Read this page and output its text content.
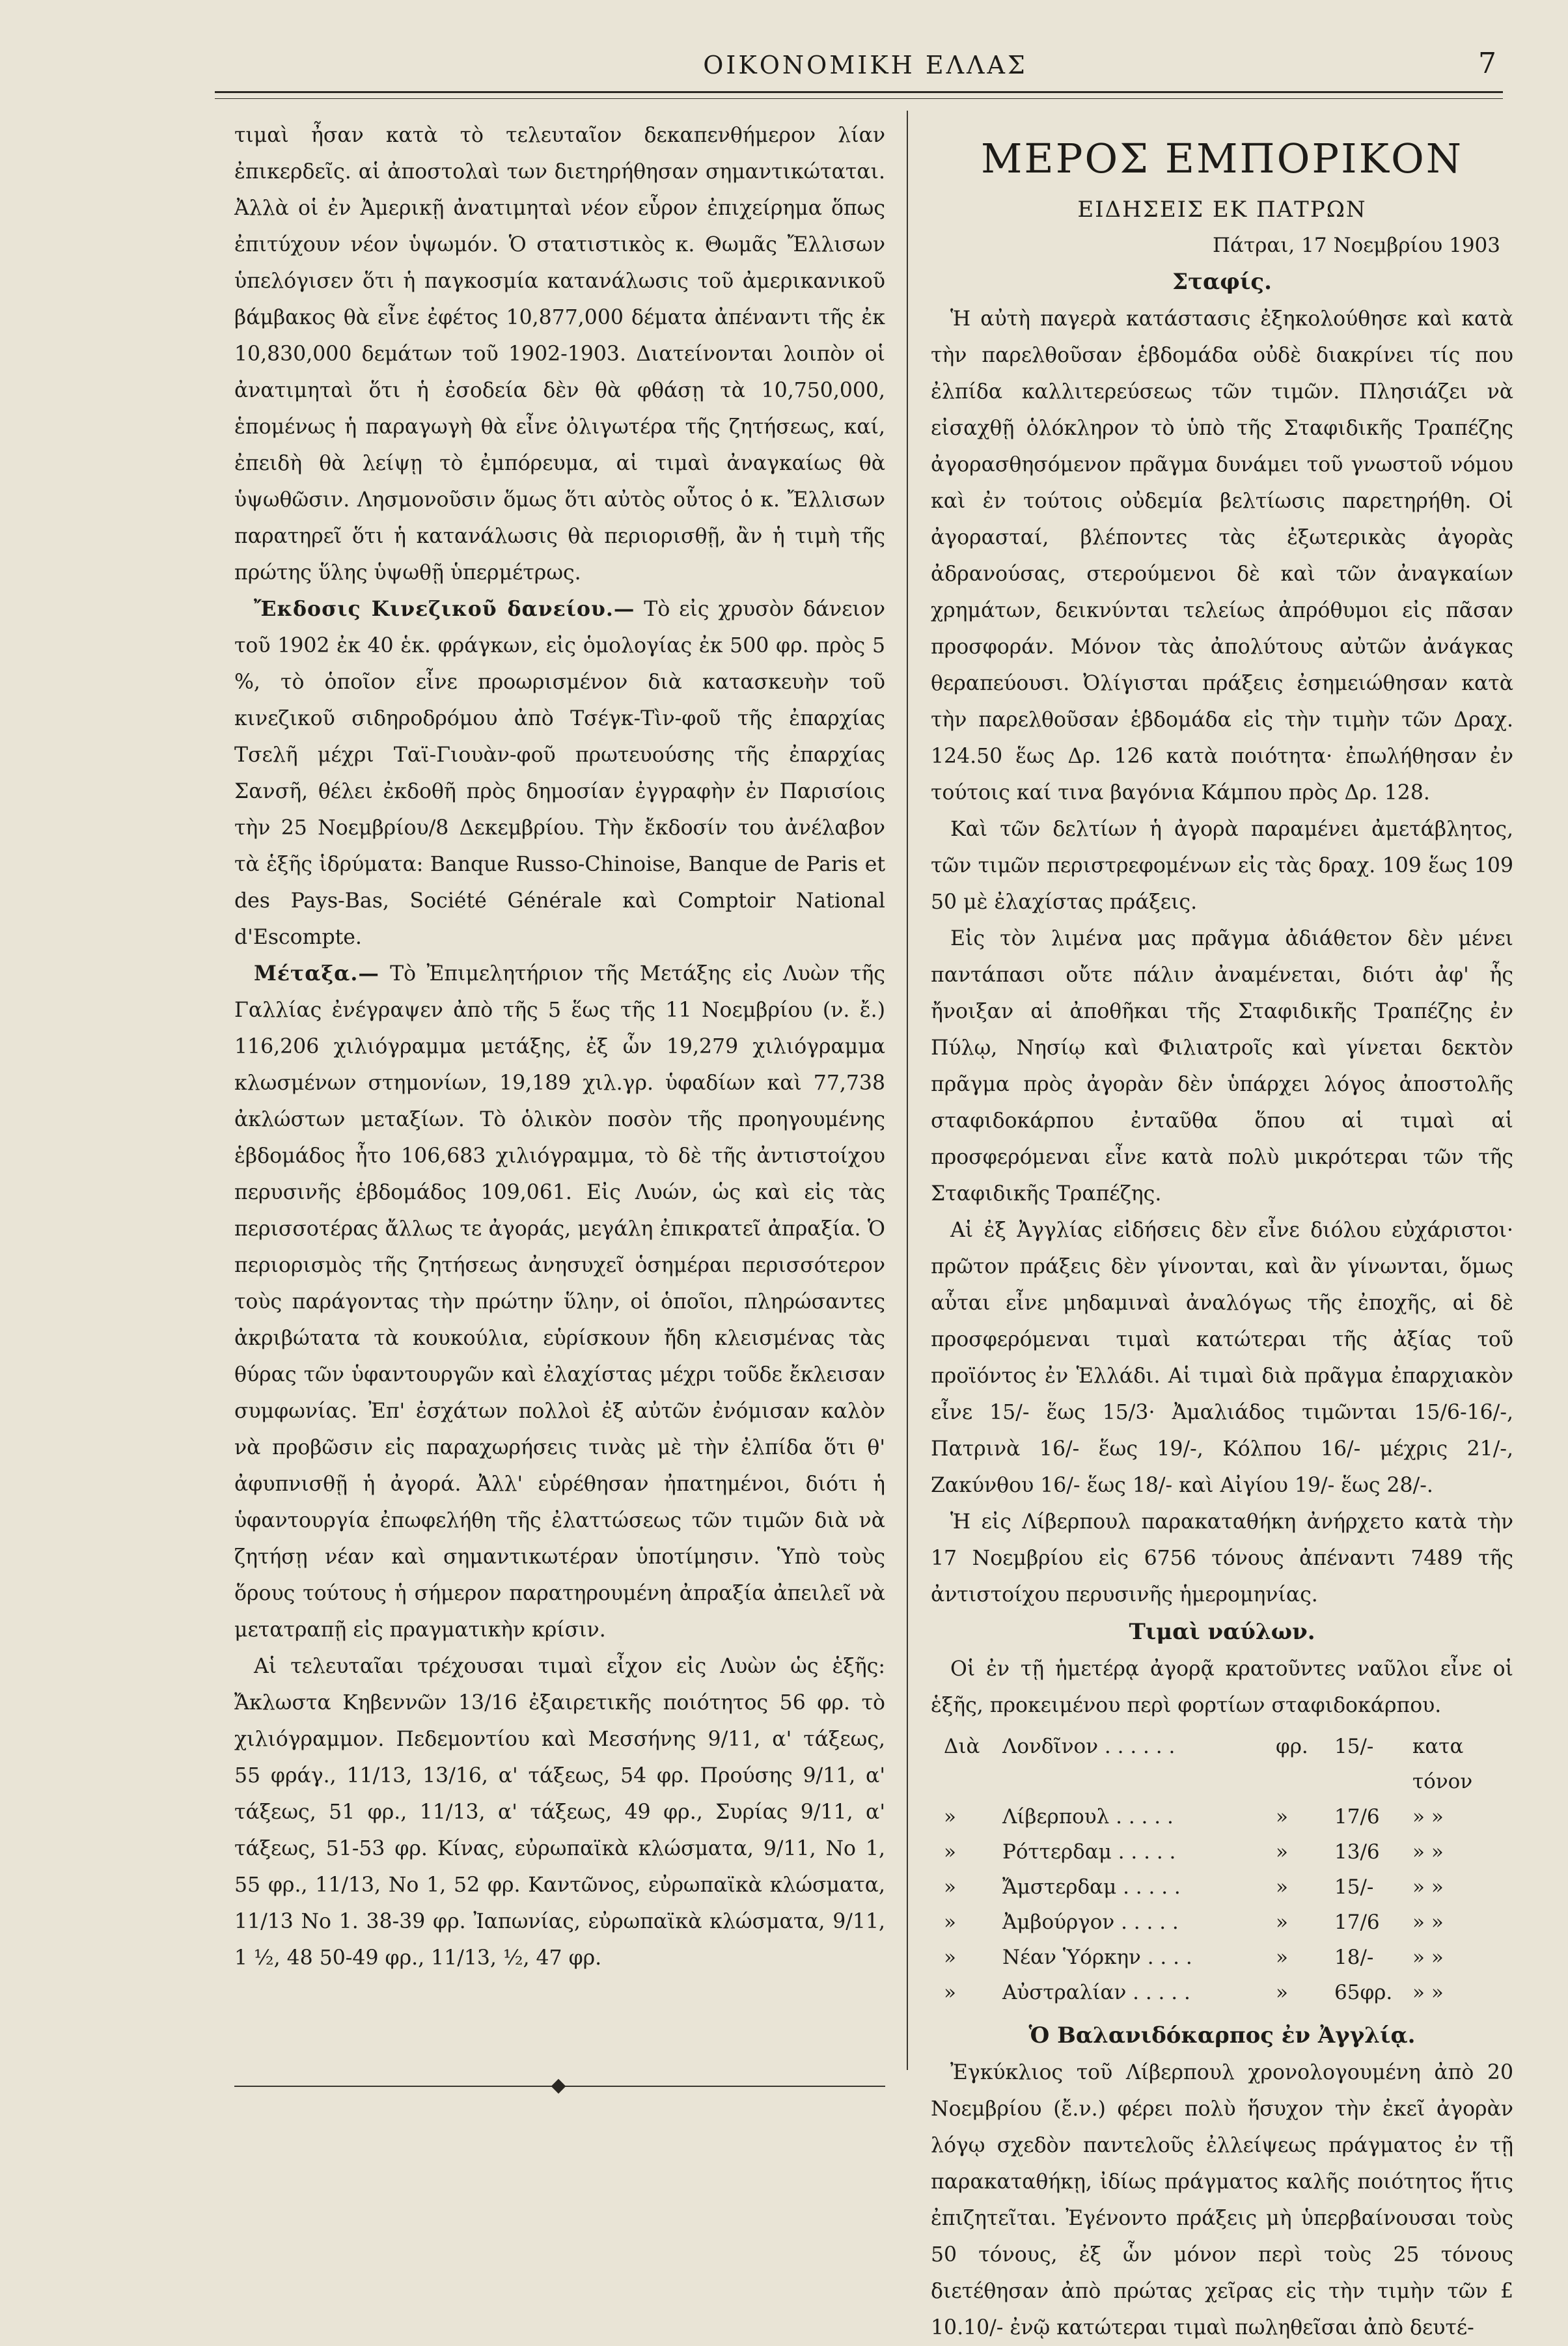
ΟΙΚΟΝΟΜΙΚΗ ΕΛΛΑΣ	7

τιμαὶ ἦσαν κατὰ τὸ τελευταῖον δεκαπενθήμερον λίαν ἐπικερδεῖς. αἱ ἀποστολαὶ των διετηρήθησαν σημαντικώταται. Ἀλλὰ οἱ ἐν Ἀμερικῇ ἀνατιμηταὶ νέον εὗρον ἐπιχείρημα ὅπως ἐπιτύχουν νέον ὑψωμόν. Ὁ στατιστικὸς κ. Θωμᾶς Ἔλλισων ὑπελόγισεν ὅτι ἡ παγκοσμία κατανάλωσις τοῦ ἀμερικανικοῦ βάμβακος θὰ εἶνε ἐφέτος 10,877,000 δέματα ἀπέναντι τῆς ἐκ 10,830,000 δεμάτων τοῦ 1902-1903. Διατείνονται λοιπὸν οἱ ἀνατιμηταὶ ὅτι ἡ ἐσοδεία δὲν θὰ φθάσῃ τὰ 10,750,000, ἑπομένως ἡ παραγωγὴ θὰ εἶνε ὀλιγωτέρα τῆς ζητήσεως, καί, ἐπειδὴ θὰ λείψῃ τὸ ἐμπόρευμα, αἱ τιμαὶ ἀναγκαίως θὰ ὑψωθῶσιν. Λησμονοῦσιν ὅμως ὅτι αὐτὸς οὗτος ὁ κ. Ἔλλισων παρατηρεῖ ὅτι ἡ κατανάλωσις θὰ περιορισθῇ, ἂν ἡ τιμὴ τῆς πρώτης ὕλης ὑψωθῇ ὑπερμέτρως.

Ἔκδοσις Κινεζικοῦ δανείου.— Τὸ εἰς χρυσὸν δάνειον τοῦ 1902 ἐκ 40 ἑκ. φράγκων, εἰς ὁμολογίας ἐκ 500 φρ. πρὸς 5 %, τὸ ὁποῖον εἶνε προωρισμένον διὰ κατασκευὴν τοῦ κινεζικοῦ σιδηροδρόμου ἀπὸ Τσέγκ-Τὶν-φοῦ τῆς ἐπαρχίας Τσελῆ μέχρι Ταϊ-Γιουὰν-φοῦ πρωτευούσης τῆς ἐπαρχίας Σανσῆ, θέλει ἐκδοθῆ πρὸς δημοσίαν ἐγγραφὴν ἐν Παρισίοις τὴν 25 Νοεμβρίου/8 Δεκεμβρίου. Τὴν ἔκδοσίν του ἀνέλαβον τὰ ἑξῆς ἱδρύματα: Banque Russo-Chinoise, Banque de Paris et des Pays-Bas, Société Générale καὶ Comptoir National d'Escompte.

Μέταξα.— Τὸ Ἐπιμελητήριον τῆς Μετάξης εἰς Λυὼν τῆς Γαλλίας ἐνέγραψεν ἀπὸ τῆς 5 ἕως τῆς 11 Νοεμβρίου (ν. ἔ.) 116,206 χιλιόγραμμα μετάξης, ἐξ ὧν 19,279 χιλιόγραμμα κλωσμένων στημονίων, 19,189 χιλ.γρ. ὑφαδίων καὶ 77,738 ἀκλώστων μεταξίων. Τὸ ὁλικὸν ποσὸν τῆς προηγουμένης ἑβδομάδος ἦτο 106,683 χιλιόγραμμα, τὸ δὲ τῆς ἀντιστοίχου περυσινῆς ἑβδομάδος 109,061. Εἰς Λυών, ὡς καὶ εἰς τὰς περισσοτέρας ἄλλως τε ἀγοράς, μεγάλη ἐπικρατεῖ ἀπραξία. Ὁ περιορισμὸς τῆς ζητήσεως ἀνησυχεῖ ὁσημέραι περισσότερον τοὺς παράγοντας τὴν πρώτην ὕλην, οἱ ὁποῖοι, πληρώσαντες ἀκριβώτατα τὰ κουκούλια, εὑρίσκουν ἤδη κλεισμένας τὰς θύρας τῶν ὑφαντουργῶν καὶ ἐλαχίστας μέχρι τοῦδε ἔκλεισαν συμφωνίας. Ἐπ' ἐσχάτων πολλοὶ ἐξ αὐτῶν ἐνόμισαν καλὸν νὰ προβῶσιν εἰς παραχωρήσεις τινὰς μὲ τὴν ἐλπίδα ὅτι θ' ἀφυπνισθῇ ἡ ἀγορά. Ἀλλ' εὑρέθησαν ἠπατημένοι, διότι ἡ ὑφαντουργία ἐπωφελήθη τῆς ἐλαττώσεως τῶν τιμῶν διὰ νὰ ζητήσῃ νέαν καὶ σημαντικωτέραν ὑποτίμησιν. Ὑπὸ τοὺς ὅρους τούτους ἡ σήμερον παρατηρουμένη ἀπραξία ἀπειλεῖ νὰ μετατραπῇ εἰς πραγματικὴν κρίσιν.

Αἱ τελευταῖαι τρέχουσαι τιμαὶ εἶχον εἰς Λυὼν ὡς ἑξῆς: Ἄκλωστα Κηβεννῶν 13/16 ἐξαιρετικῆς ποιότητος 56 φρ. τὸ χιλιόγραμμον. Πεδεμοντίου καὶ Μεσσήνης 9/11, α' τάξεως, 55 φράγ., 11/13, 13/16, α' τάξεως, 54 φρ. Προύσης 9/11, α' τάξεως, 51 φρ., 11/13, α' τάξεως, 49 φρ., Συρίας 9/11, α' τάξεως, 51-53 φρ. Κίνας, εὐρωπαϊκὰ κλώσματα, 9/11, Νο 1, 55 φρ., 11/13, Νο 1, 52 φρ. Καντῶνος, εὐρωπαϊκὰ κλώσματα, 11/13 Νο 1. 38-39 φρ. Ἰαπωνίας, εὐρωπαϊκὰ κλώσματα, 9/11, 1 ½, 48 50-49 φρ., 11/13, ½, 47 φρ.

ΜΕΡΟΣ ΕΜΠΟΡΙΚΟΝ
ΕΙΔΗΣΕΙΣ ΕΚ ΠΑΤΡΩΝ
Πάτραι, 17 Νοεμβρίου 1903
Σταφίς.

Ἡ αὐτὴ παγερὰ κατάστασις ἐξηκολούθησε καὶ κατὰ τὴν παρελθοῦσαν ἑβδομάδα οὐδὲ διακρίνει τίς που ἐλπίδα καλλιτερεύσεως τῶν τιμῶν. Πλησιάζει νὰ εἰσαχθῇ ὁλόκληρον τὸ ὑπὸ τῆς Σταφιδικῆς Τραπέζης ἀγορασθησόμενον πρᾶγμα δυνάμει τοῦ γνωστοῦ νόμου καὶ ἐν τούτοις οὐδεμία βελτίωσις παρετηρήθη. Οἱ ἀγορασταί, βλέποντες τὰς ἐξωτερικὰς ἀγορὰς ἀδρανούσας, στερούμενοι δὲ καὶ τῶν ἀναγκαίων χρημάτων, δεικνύνται τελείως ἀπρόθυμοι εἰς πᾶσαν προσφοράν. Μόνον τὰς ἀπολύτους αὐτῶν ἀνάγκας θεραπεύουσι. Ὀλίγισται πράξεις ἐσημειώθησαν κατὰ τὴν παρελθοῦσαν ἑβδομάδα εἰς τὴν τιμὴν τῶν Δραχ. 124.50 ἕως Δρ. 126 κατὰ ποιότητα· ἐπωλήθησαν ἐν τούτοις καί τινα βαγόνια Κάμπου πρὸς Δρ. 128.

Καὶ τῶν δελτίων ἡ ἀγορὰ παραμένει ἀμετάβλητος, τῶν τιμῶν περιστρεφομένων εἰς τὰς δραχ. 109 ἕως 109 50 μὲ ἐλαχίστας πράξεις.

Εἰς τὸν λιμένα μας πρᾶγμα ἀδιάθετον δὲν μένει παντάπασι οὔτε πάλιν ἀναμένεται, διότι ἀφ' ἧς ἤνοιξαν αἱ ἀποθῆκαι τῆς Σταφιδικῆς Τραπέζης ἐν Πύλῳ, Νησίῳ καὶ Φιλιατροῖς καὶ γίνεται δεκτὸν πρᾶγμα πρὸς ἀγορὰν δὲν ὑπάρχει λόγος ἀποστολῆς σταφιδοκάρπου ἐνταῦθα ὅπου αἱ τιμαὶ αἱ προσφερόμεναι εἶνε κατὰ πολὺ μικρότεραι τῶν τῆς Σταφιδικῆς Τραπέζης.

Αἱ ἐξ Ἀγγλίας εἰδήσεις δὲν εἶνε διόλου εὐχάριστοι· πρῶτον πράξεις δὲν γίνονται, καὶ ἂν γίνωνται, ὅμως αὗται εἶνε μηδαμιναὶ ἀναλόγως τῆς ἐποχῆς, αἱ δὲ προσφερόμεναι τιμαὶ κατώτεραι τῆς ἀξίας τοῦ προϊόντος ἐν Ἑλλάδι. Αἱ τιμαὶ διὰ πρᾶγμα ἐπαρχιακὸν εἶνε 15/- ἕως 15/3· Ἀμαλιάδος τιμῶνται 15/6-16/-, Πατρινὰ 16/- ἕως 19/-, Κόλπου 16/- μέχρις 21/-, Ζακύνθου 16/- ἕως 18/- καὶ Αἰγίου 19/- ἕως 28/-.

Ἡ εἰς Λίβερπουλ παρακαταθήκη ἀνήρχετο κατὰ τὴν 17 Νοεμβρίου εἰς 6756 τόνους ἀπέναντι 7489 τῆς ἀντιστοίχου περυσινῆς ἡμερομηνίας.

Τιμαὶ ναύλων.

Οἱ ἐν τῇ ἡμετέρᾳ ἀγορᾷ κρατοῦντες ναῦλοι εἶνε οἱ ἑξῆς, προκειμένου περὶ φορτίων σταφιδοκάρπου.

Διὰ	Λονδῖνον . . . . . .	φρ.	15/-	κατα τόνον
»	Λίβερπουλ . . . . .	»	17/6	» »
»	Ρόττερδαμ . . . . .	»	13/6	» »
»	Ἄμστερδαμ . . . . .	»	15/-	» »
»	Ἀμβούργον . . . . .	»	17/6	» »
»	Νέαν Ὑόρκην . . . .	»	18/-	» »
»	Αὐστραλίαν . . . . .	»	65φρ. » »
Ὁ Βαλανιδόκαρπος ἐν Ἀγγλίᾳ.

Ἐγκύκλιος τοῦ Λίβερπουλ χρονολογουμένη ἀπὸ 20 Νοεμβρίου (ἔ.ν.) φέρει πολὺ ἥσυχον τὴν ἐκεῖ ἀγορὰν λόγῳ σχεδὸν παντελοῦς ἐλλείψεως πράγματος ἐν τῇ παρακαταθήκῃ, ἰδίως πράγματος καλῆς ποιότητος ἥτις ἐπιζητεῖται. Ἐγένοντο πράξεις μὴ ὑπερβαίνουσαι τοὺς 50 τόνους, ἐξ ὧν μόνον περὶ τοὺς 25 τόνους διετέθησαν ἀπὸ πρώτας χεῖρας εἰς τὴν τιμὴν τῶν £ 10.10/- ἐνῷ κατώτεραι τιμαὶ πωληθεῖσαι ἀπὸ δευτέ-
